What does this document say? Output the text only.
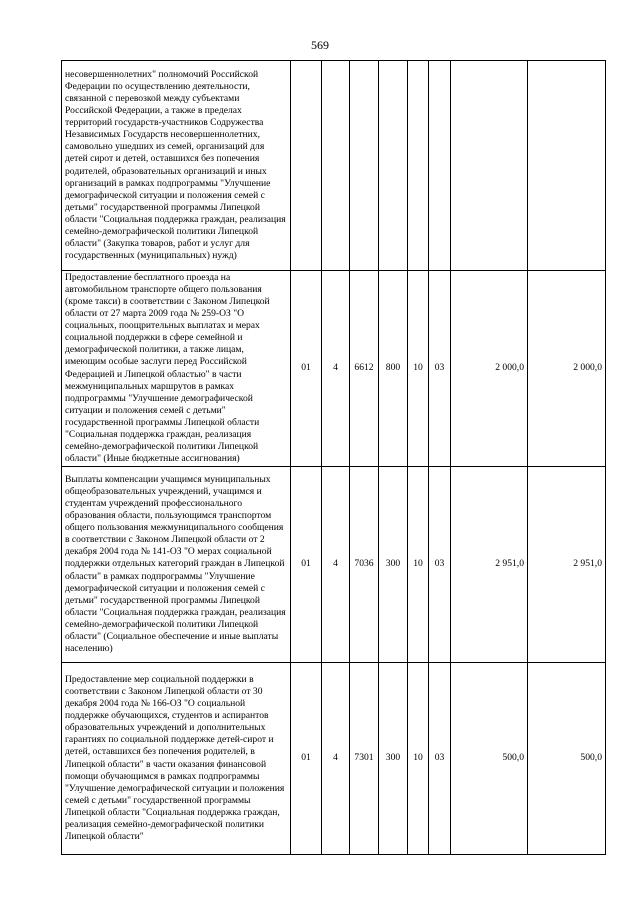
569
несовершеннолетних" полномочий Российской Федерации по осуществлению деятельности, связанной с перевозкой между субъектами Российской Федерации, а также в пределах территорий государств-участников Содружества Независимых Государств несовершеннолетних, самовольно ушедших из семей, организаций для детей сирот и детей, оставшихся без попечения родителей, образовательных организаций и иных организаций в рамках подпрограммы "Улучшение демографической ситуации и положения семей с детьми" государственной программы Липецкой области "Социальная поддержка граждан, реализация семейно-демографической политики Липецкой области" (Закупка товаров, работ и услуг для государственных (муниципальных) нужд)								
Предоставление бесплатного проезда на автомобильном транспорте общего пользования (кроме такси) в соответствии с Законом Липецкой области от 27 марта 2009 года № 259-ОЗ "О социальных, поощрительных выплатах и мерах социальной поддержки в сфере семейной и демографической политики, а также лицам, имеющим особые заслуги перед Российской Федерацией и Липецкой областью" в части межмуниципальных маршрутов в рамках подпрограммы "Улучшение демографической ситуации и положения семей с детьми" государственной программы Липецкой области "Социальная поддержка граждан, реализация семейно-демографической политики Липецкой области" (Иные бюджетные ассигнования)	01	4	6612	800	10	03	2 000,0	2 000,0
Выплаты компенсации учащимся муниципальных общеобразовательных учреждений, учащимся и студентам учреждений профессионального образования области, пользующимся транспортом общего пользования межмуниципального сообщения в соответствии с Законом Липецкой области от 2 декабря 2004 года № 141-ОЗ "О мерах социальной поддержки отдельных категорий граждан в Липецкой области" в рамках подпрограммы "Улучшение демографической ситуации и положения семей с детьми" государственной программы Липецкой области "Социальная поддержка граждан, реализация семейно-демографической политики Липецкой области" (Социальное обеспечение и иные выплаты населению)	01	4	7036	300	10	03	2 951,0	2 951,0
Предоставление мер социальной поддержки в соответствии с Законом Липецкой области от 30 декабря 2004 года № 166-ОЗ "О социальной поддержке обучающихся, студентов и аспирантов образовательных учреждений и дополнительных гарантиях по социальной поддержке детей-сирот и детей, оставшихся без попечения родителей, в Липецкой области" в части оказания финансовой помощи обучающимся в рамках подпрограммы "Улучшение демографической ситуации и положения семей с детьми" государственной программы Липецкой области "Социальная поддержка граждан, реализация семейно-демографической политики Липецкой области"	01	4	7301	300	10	03	500,0	500,0
